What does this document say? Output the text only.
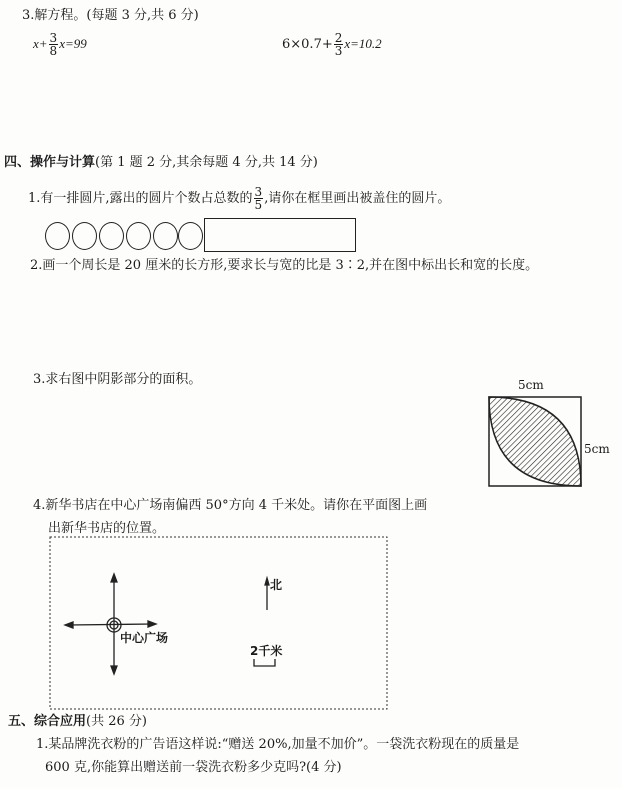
3.解方程。(每题 3 分,共 6 分)
$x+ \frac{3}{8} x=99$	$6\times 0.7+ \frac{2}{3} x=10.2$
四、操作与计算(第 1 题 2 分,其余每题 4 分,共 14 分)
1.有一排圆片,露出的圆片个数占总数的 $\frac{3}{5}$ ,请你在框里画出被盖住的圆片。
2.画一个周长是 20 厘米的长方形,要求长与宽的比是 3∶2,并在图中标出长和宽的长度。
3.求右图中阴影部分的面积。	5cm
5cm
4.新华书店在中心广场南偏西 50°方向 4 千米处。请你在平面图上画
出新华书店的位置。
中心广场
北
2千米
五、综合应用(共 26 分)
1.某品牌洗衣粉的广告语这样说:“赠送 20%,加量不加价”。一袋洗衣粉现在的质量是
600 克,你能算出赠送前一袋洗衣粉多少克吗?(4 分)
